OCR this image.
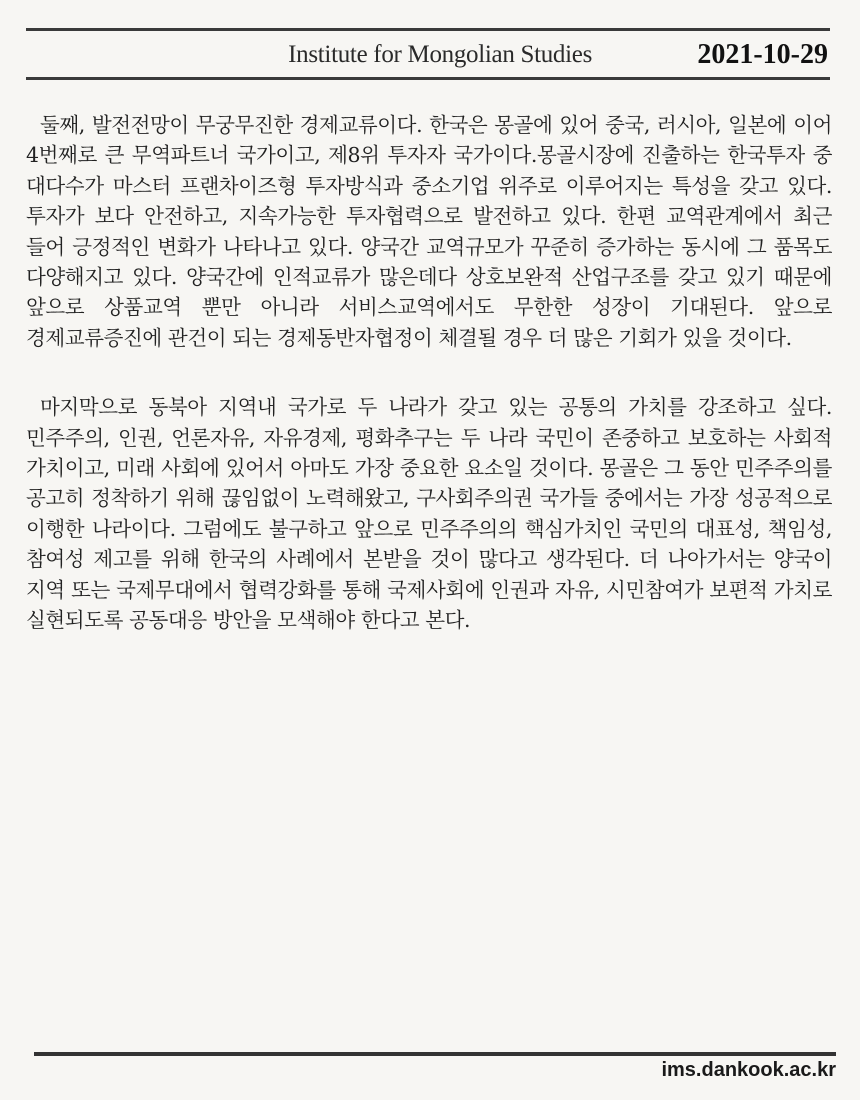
Institute for Mongolian Studies	2021-10-29

둘째, 발전전망이 무궁무진한 경제교류이다. 한국은 몽골에 있어 중국, 러시아, 일본에 이어 4번째로 큰 무역파트너 국가이고, 제8위 투자자 국가이다.몽골시장에 진출하는 한국투자 중 대다수가 마스터 프랜차이즈형 투자방식과 중소기업 위주로 이루어지는 특성을 갖고 있다. 투자가 보다 안전하고, 지속가능한 투자협력으로 발전하고 있다. 한편 교역관계에서 최근 들어 긍정적인 변화가 나타나고 있다. 양국간 교역규모가 꾸준히 증가하는 동시에 그 품목도 다양해지고 있다. 양국간에 인적교류가 많은데다 상호보완적 산업구조를 갖고 있기 때문에 앞으로 상품교역 뿐만 아니라 서비스교역에서도 무한한 성장이 기대된다. 앞으로 경제교류증진에 관건이 되는 경제동반자협정이 체결될 경우 더 많은 기회가 있을 것이다.

마지막으로 동북아 지역내 국가로 두 나라가 갖고 있는 공통의 가치를 강조하고 싶다. 민주주의, 인권, 언론자유, 자유경제, 평화추구는 두 나라 국민이 존중하고 보호하는 사회적 가치이고, 미래 사회에 있어서 아마도 가장 중요한 요소일 것이다. 몽골은 그 동안 민주주의를 공고히 정착하기 위해 끊임없이 노력해왔고, 구사회주의권 국가들 중에서는 가장 성공적으로 이행한 나라이다. 그럼에도 불구하고 앞으로 민주주의의 핵심가치인 국민의 대표성, 책임성, 참여성 제고를 위해 한국의 사례에서 본받을 것이 많다고 생각된다. 더 나아가서는 양국이 지역 또는 국제무대에서 협력강화를 통해 국제사회에 인권과 자유, 시민참여가 보편적 가치로 실현되도록 공동대응 방안을 모색해야 한다고 본다.

ims.dankook.ac.kr
